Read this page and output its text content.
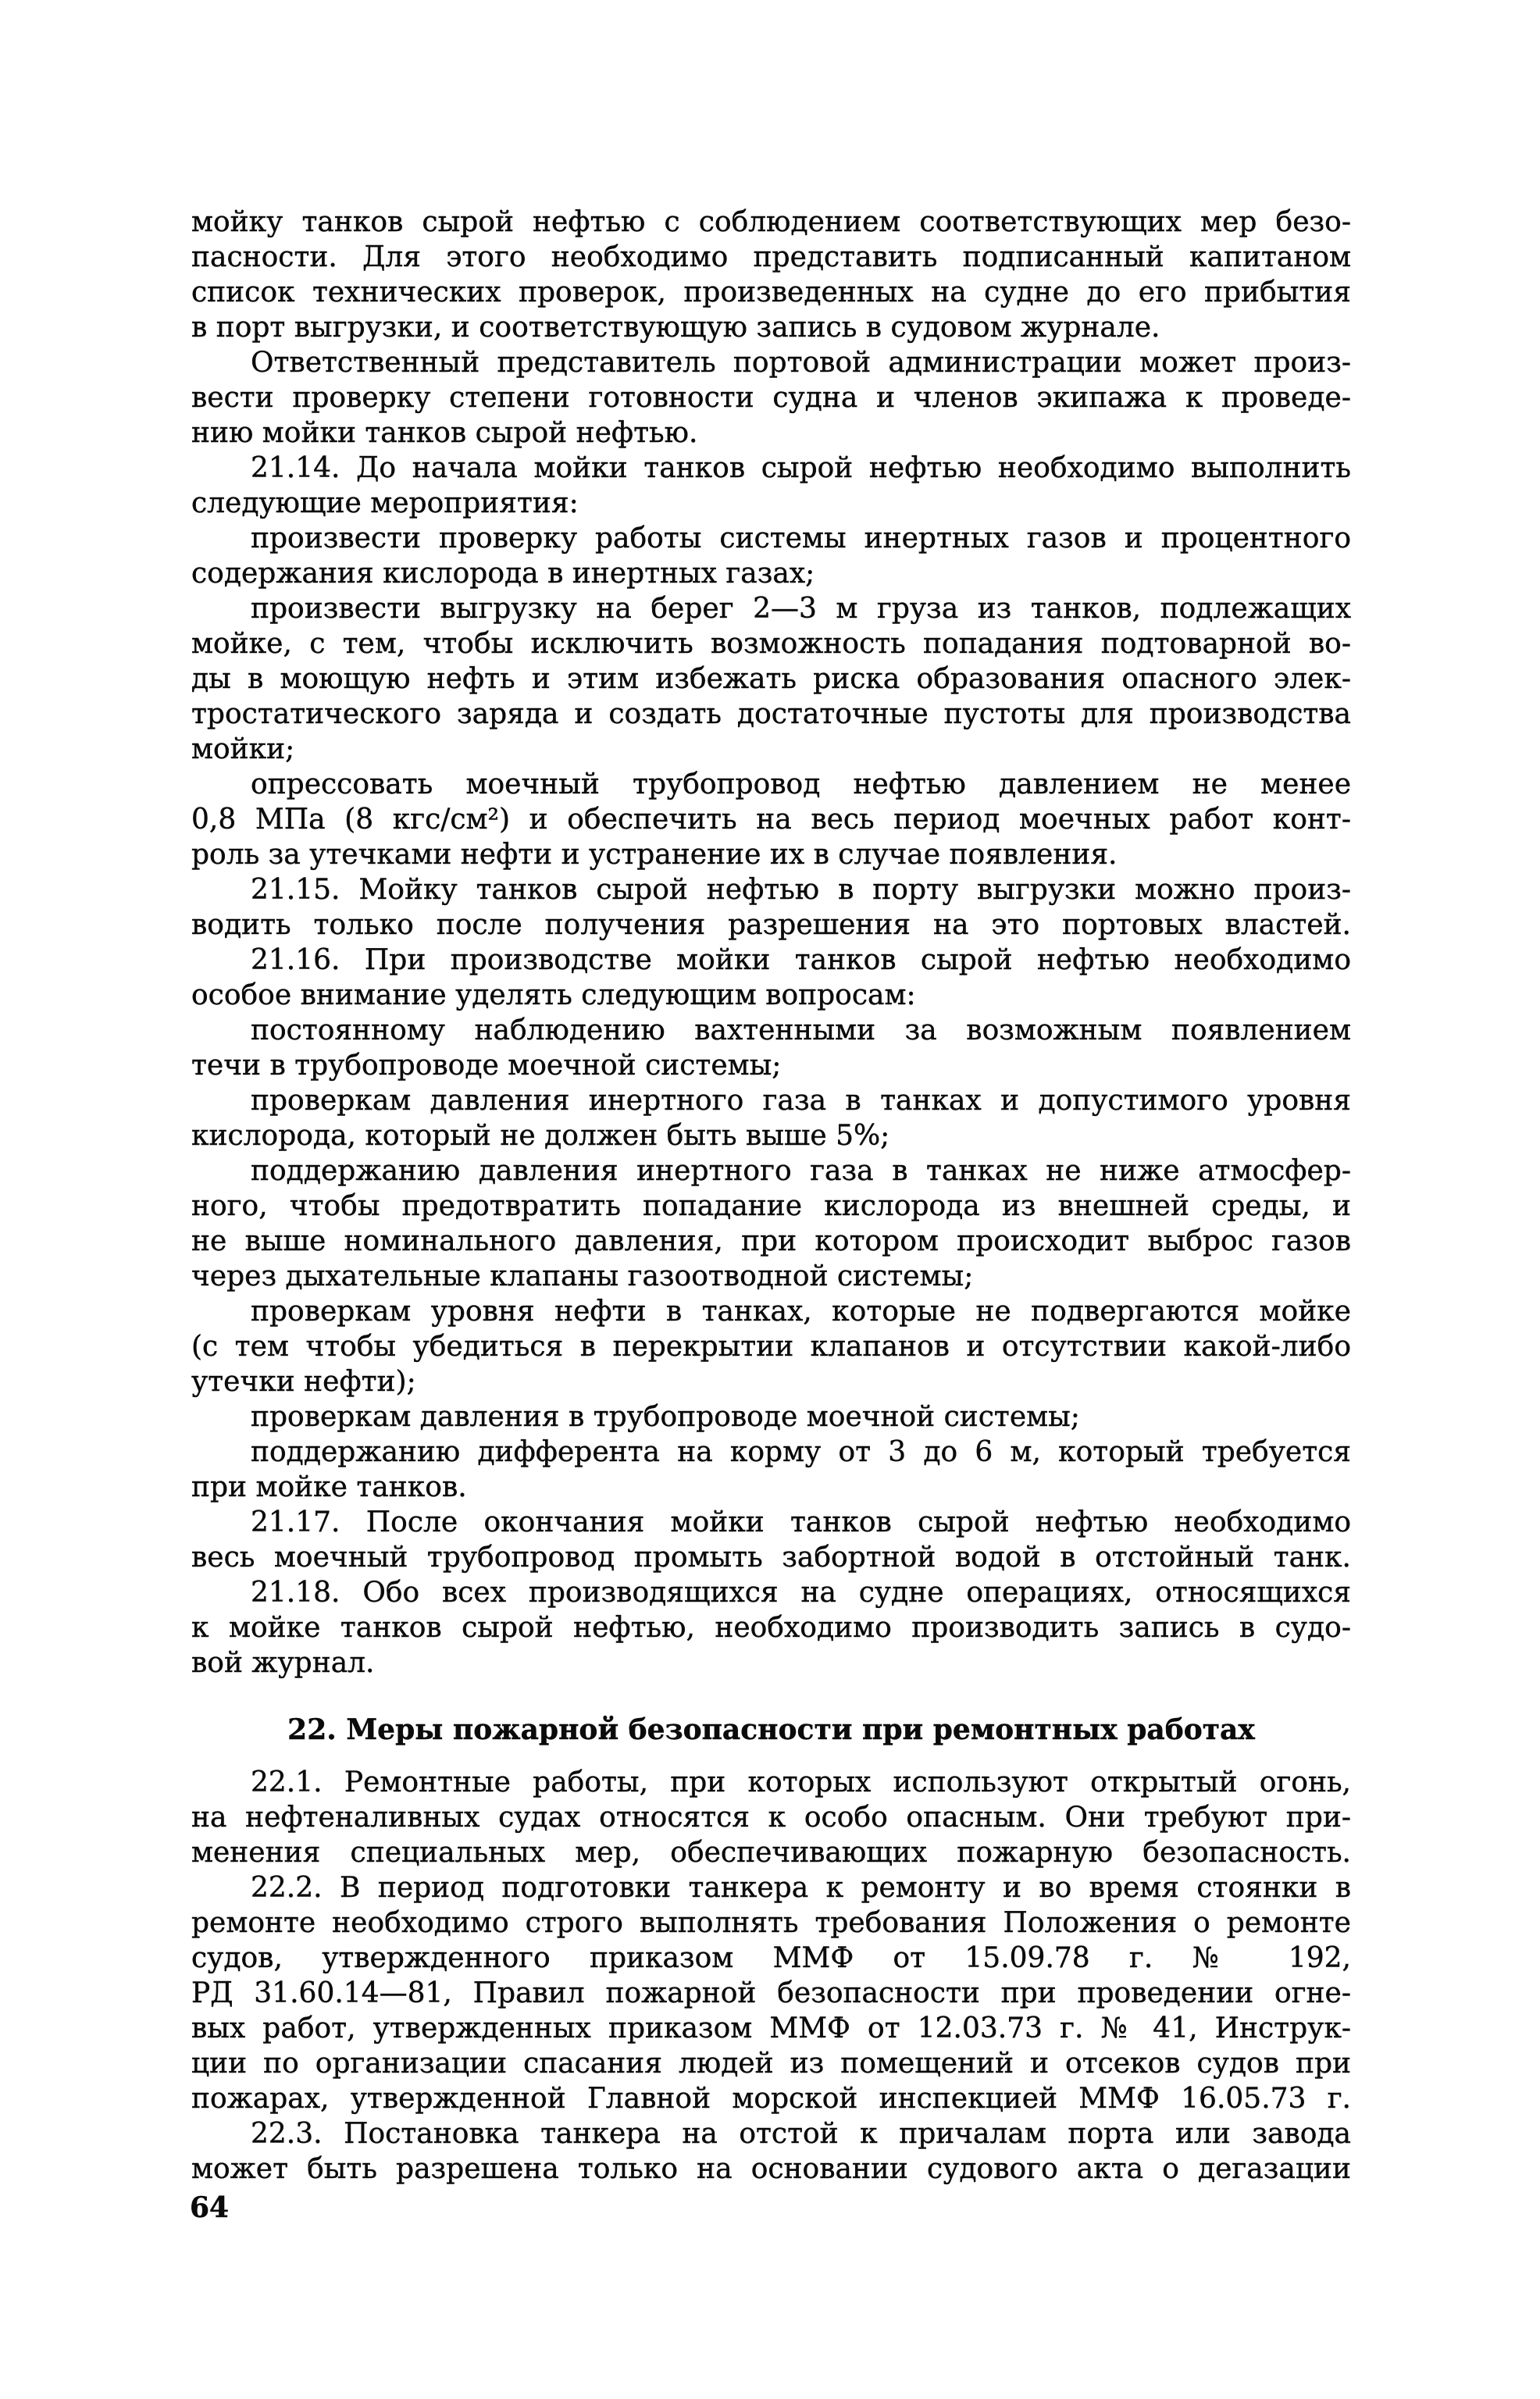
мойку танков сырой нефтью с соблюдением соответствующих мер безо-
пасности. Для этого необходимо представить подписанный капитаном
список технических проверок, произведенных на судне до его прибытия
в порт выгрузки, и соответствующую запись в судовом журнале.
Ответственный представитель портовой администрации может произ-
вести проверку степени готовности судна и членов экипажа к проведе-
нию мойки танков сырой нефтью.
21.14. До начала мойки танков сырой нефтью необходимо выполнить
следующие мероприятия:
произвести проверку работы системы инертных газов и процентного
содержания кислорода в инертных газах;
произвести выгрузку на берег 2—3 м груза из танков, подлежащих
мойке, с тем, чтобы исключить возможность попадания подтоварной во-
ды в моющую нефть и этим избежать риска образования опасного элек-
тростатического заряда и создать достаточные пустоты для производства
мойки;
опрессовать моечный трубопровод нефтью давлением не менее
0,8 МПа (8 кгс/см²) и обеспечить на весь период моечных работ конт-
роль за утечками нефти и устранение их в случае появления.
21.15. Мойку танков сырой нефтью в порту выгрузки можно произ-
водить только после получения разрешения на это портовых властей.
21.16. При производстве мойки танков сырой нефтью необходимо
особое внимание уделять следующим вопросам:
постоянному наблюдению вахтенными за возможным появлением
течи в трубопроводе моечной системы;
проверкам давления инертного газа в танках и допустимого уровня
кислорода, который не должен быть выше 5%;
поддержанию давления инертного газа в танках не ниже атмосфер-
ного, чтобы предотвратить попадание кислорода из внешней среды, и
не выше номинального давления, при котором происходит выброс газов
через дыхательные клапаны газоотводной системы;
проверкам уровня нефти в танках, которые не подвергаются мойке
(с тем чтобы убедиться в перекрытии клапанов и отсутствии какой-либо
утечки нефти);
проверкам давления в трубопроводе моечной системы;
поддержанию дифферента на корму от 3 до 6 м, который требуется
при мойке танков.
21.17. После окончания мойки танков сырой нефтью необходимо
весь моечный трубопровод промыть забортной водой в отстойный танк.
21.18. Обо всех производящихся на судне операциях, относящихся
к мойке танков сырой нефтью, необходимо производить запись в судо-
вой журнал.
22. Меры пожарной безопасности при ремонтных работах
22.1. Ремонтные работы, при которых используют открытый огонь,
на нефтеналивных судах относятся к особо опасным. Они требуют при-
менения специальных мер, обеспечивающих пожарную безопасность.
22.2. В период подготовки танкера к ремонту и во время стоянки в
ремонте необходимо строго выполнять требования Положения о ремонте
судов, утвержденного приказом ММФ от 15.09.78 г. № 192,
РД 31.60.14—81, Правил пожарной безопасности при проведении огне-
вых работ, утвержденных приказом ММФ от 12.03.73 г. № 41, Инструк-
ции по организации спасания людей из помещений и отсеков судов при
пожарах, утвержденной Главной морской инспекцией ММФ 16.05.73 г.
22.3. Постановка танкера на отстой к причалам порта или завода
может быть разрешена только на основании судового акта о дегазации
64
